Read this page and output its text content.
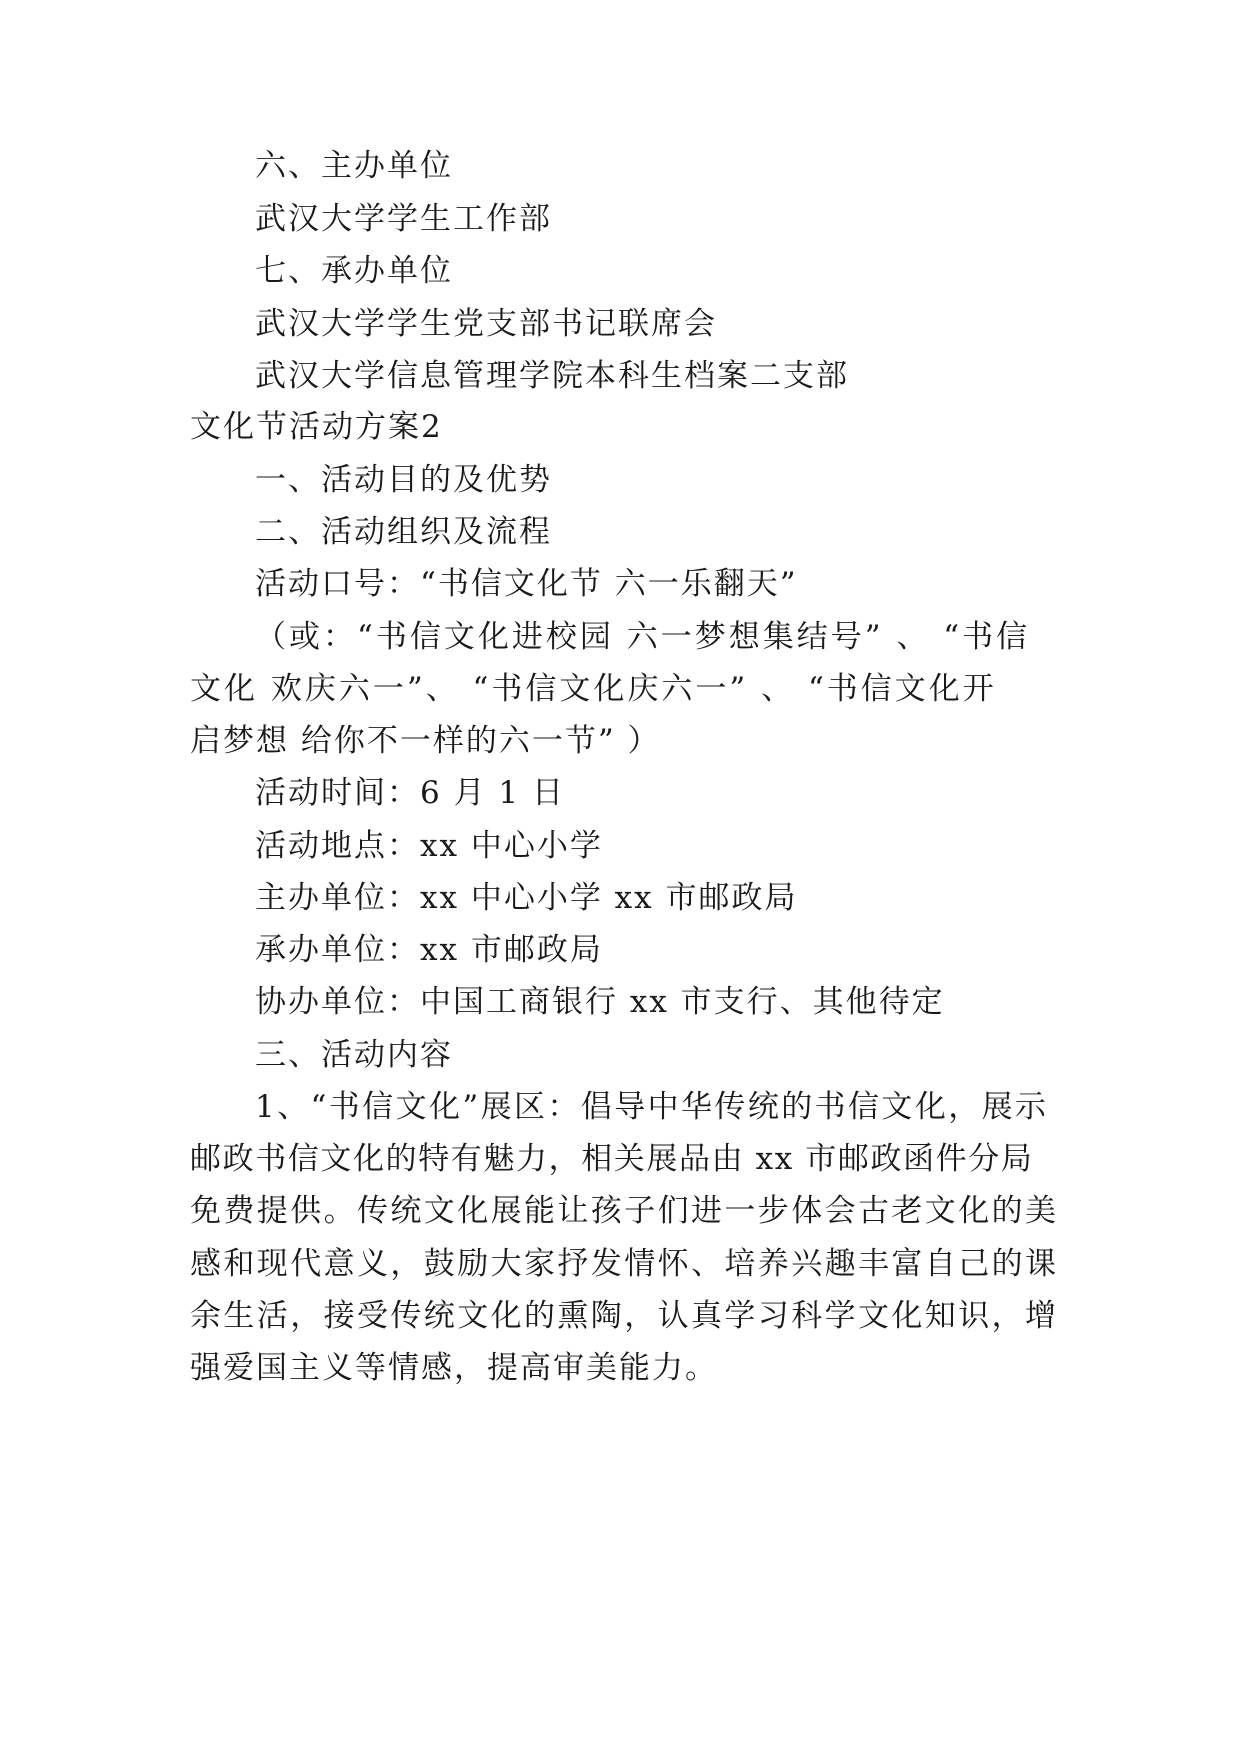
六、主办单位
武汉大学学生工作部
七、承办单位
武汉大学学生党支部书记联席会
武汉大学信息管理学院本科生档案二支部
文化节活动方案2
一、活动目的及优势
二、活动组织及流程
活动口号：“书信文化节 六一乐翻天”
（或：“书信文化进校园 六一梦想集结号” 、 “书信
文化 欢庆六一”、 “书信文化庆六一” 、 “书信文化开
启梦想 给你不一样的六一节” ）
活动时间：6 月 1 日
活动地点：xx 中心小学
主办单位：xx 中心小学 xx 市邮政局
承办单位：xx 市邮政局
协办单位：中国工商银行 xx 市支行、其他待定
三、活动内容
1、“书信文化”展区：倡导中华传统的书信文化，展示
邮政书信文化的特有魅力，相关展品由 xx 市邮政函件分局
免费提供。传统文化展能让孩子们进一步体会古老文化的美
感和现代意义，鼓励大家抒发情怀、培养兴趣丰富自己的课
余生活，接受传统文化的熏陶，认真学习科学文化知识，增
强爱国主义等情感，提高审美能力。
